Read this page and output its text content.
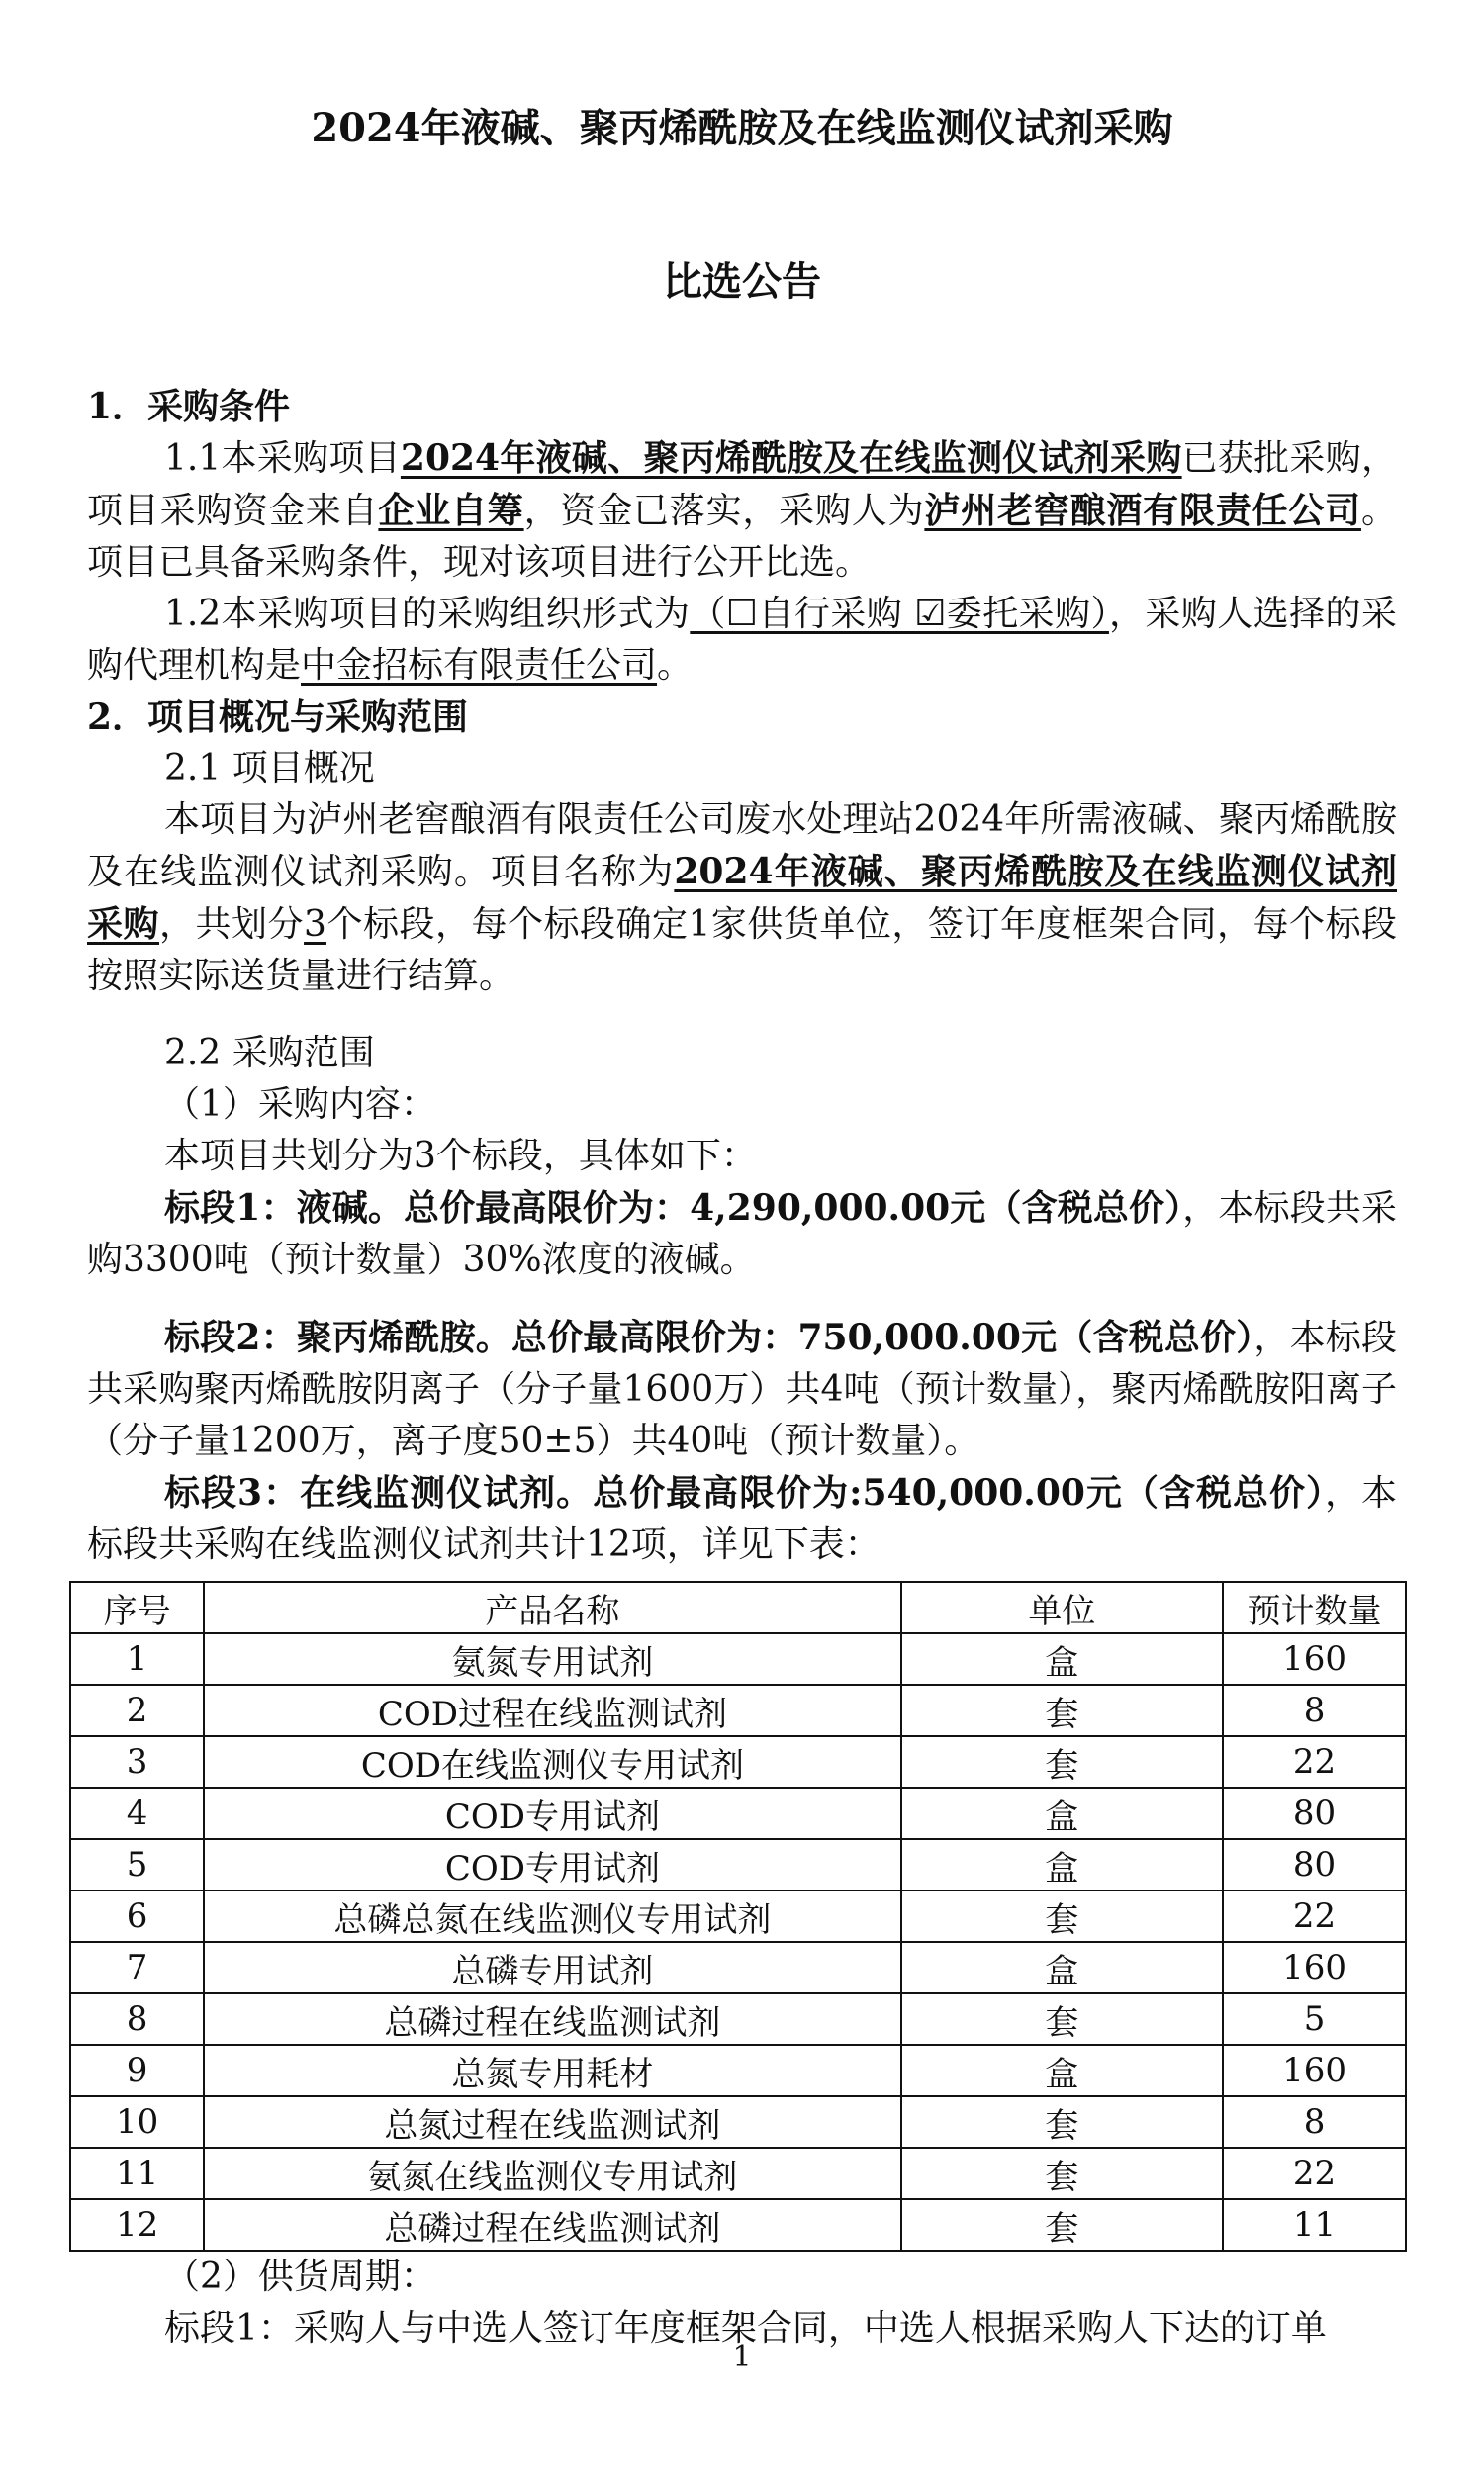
2024年液碱、聚丙烯酰胺及在线监测仪试剂采购

比选公告

1．采购条件

1.1本采购项目2024年液碱、聚丙烯酰胺及在线监测仪试剂采购已获批采购，项目采购资金来自企业自筹，资金已落实，采购人为泸州老窖酿酒有限责任公司。项目已具备采购条件，现对该项目进行公开比选。

1.2本采购项目的采购组织形式为（☐自行采购 ☑委托采购），采购人选择的采购代理机构是中金招标有限责任公司。

2．项目概况与采购范围

2.1 项目概况

本项目为泸州老窖酿酒有限责任公司废水处理站2024年所需液碱、聚丙烯酰胺及在线监测仪试剂采购。项目名称为2024年液碱、聚丙烯酰胺及在线监测仪试剂采购，共划分3个标段，每个标段确定1家供货单位，签订年度框架合同，每个标段按照实际送货量进行结算。

2.2 采购范围

（1）采购内容：

本项目共划分为3个标段，具体如下：

标段1：液碱。总价最高限价为：4,290,000.00元（含税总价），本标段共采购3300吨（预计数量）30%浓度的液碱。

标段2：聚丙烯酰胺。总价最高限价为：750,000.00元（含税总价），本标段共采购聚丙烯酰胺阴离子（分子量1600万）共4吨（预计数量），聚丙烯酰胺阳离子（分子量1200万，离子度50±5）共40吨（预计数量）。

标段3：在线监测仪试剂。总价最高限价为:540,000.00元（含税总价），本标段共采购在线监测仪试剂共计12项，详见下表：

序号	产品名称	单位	预计数量
1	氨氮专用试剂	盒	160
2	COD过程在线监测试剂	套	8
3	COD在线监测仪专用试剂	套	22
4	COD专用试剂	盒	80
5	COD专用试剂	盒	80
6	总磷总氮在线监测仪专用试剂	套	22
7	总磷专用试剂	盒	160
8	总磷过程在线监测试剂	套	5
9	总氮专用耗材	盒	160
10	总氮过程在线监测试剂	套	8
11	氨氮在线监测仪专用试剂	套	22
12	总磷过程在线监测试剂	套	11

（2）供货周期：

标段1：采购人与中选人签订年度框架合同，中选人根据采购人下达的订单

1
